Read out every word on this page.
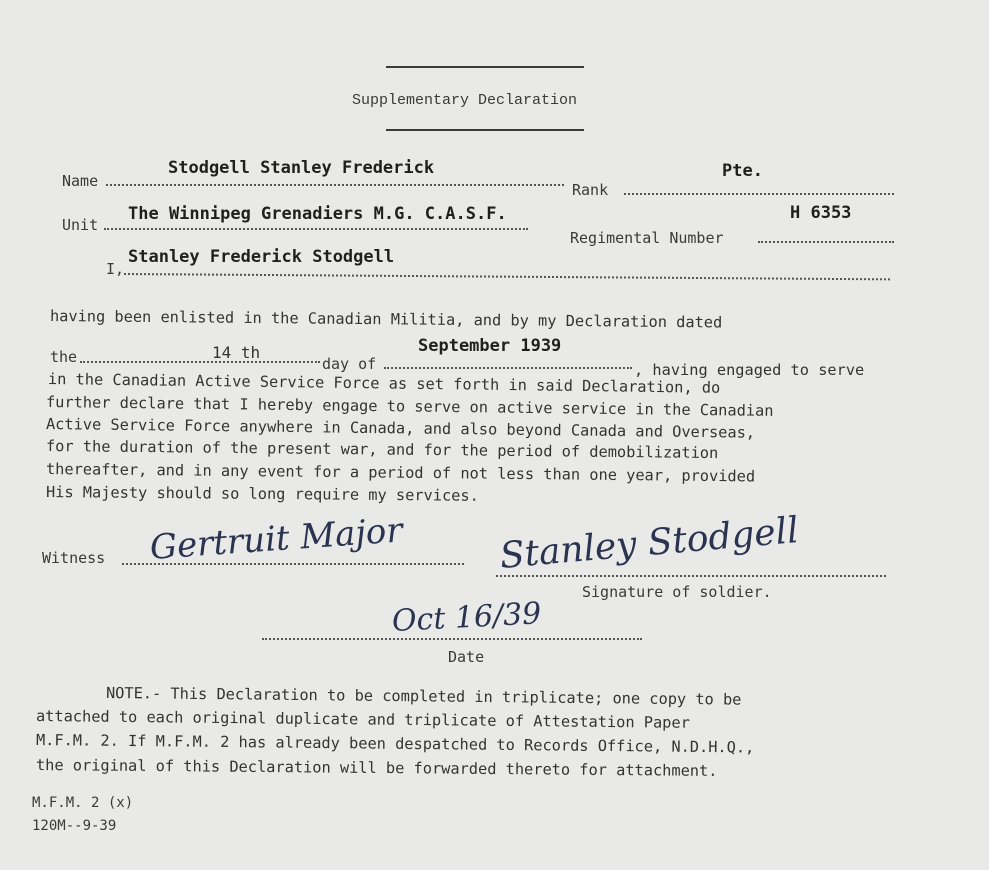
Supplementary Declaration
Name
Stodgell Stanley Frederick
Rank
Pte.
Unit
The Winnipeg Grenadiers M.G. C.A.S.F.
Regimental Number
H 6353
I,
Stanley Frederick Stodgell
having been enlisted in the Canadian Militia, and by my Declaration dated
the	14 th
day of
September 1939
, having engaged to serve
in the Canadian Active Service Force as set forth in said Declaration, do
further declare that I hereby engage to serve on active service in the Canadian
Active Service Force anywhere in Canada, and also beyond Canada and Overseas,
for the duration of the present war, and for the period of demobilization
thereafter, and in any event for a period of not less than one year, provided
His Majesty should so long require my services.
Witness Gertruit Major	Stanley Stodgell
Signature of soldier.
Oct 16/39
Date
NOTE.- This Declaration to be completed in triplicate; one copy to be
attached to each original duplicate and triplicate of Attestation Paper
M.F.M. 2. If M.F.M. 2 has already been despatched to Records Office, N.D.H.Q.,
the original of this Declaration will be forwarded thereto for attachment.
M.F.M. 2 (x)
120M--9-39
